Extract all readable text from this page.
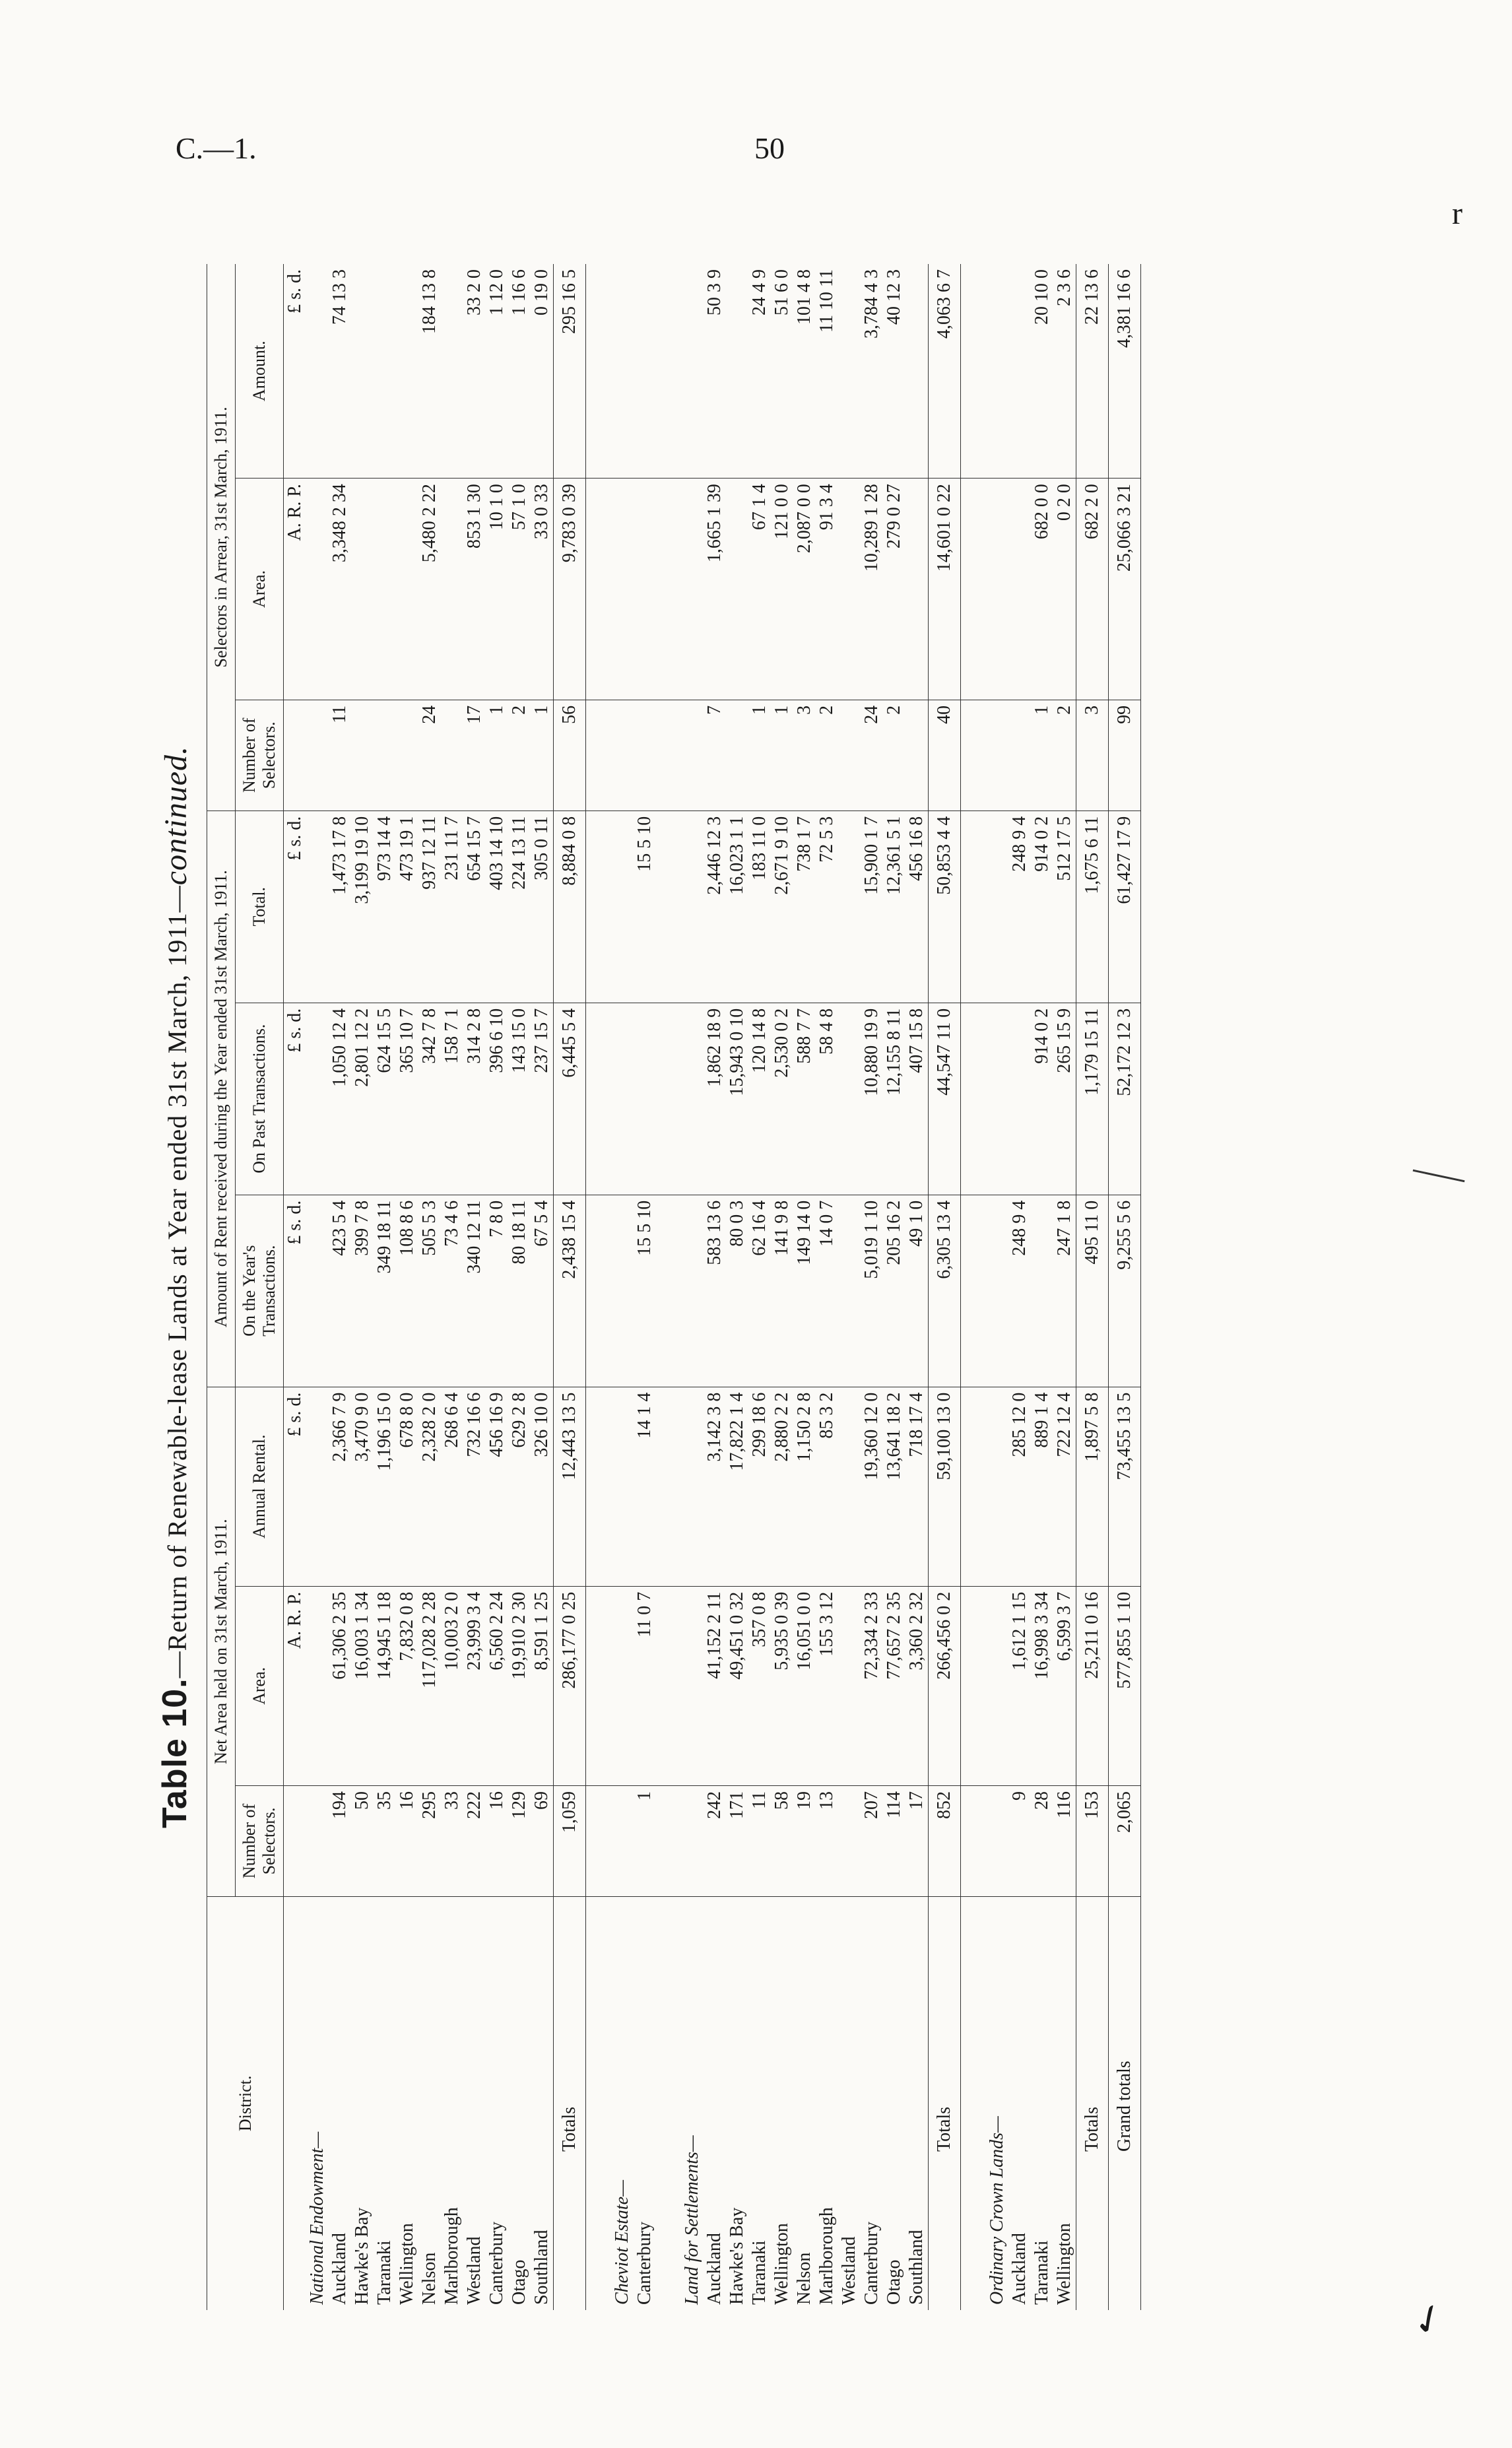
C.—1.	50
r
✓
Table 10.—Return of Renewable-lease Lands at Year ended 31st March, 1911—continued.
District.	Net Area held on 31st March, 1911.			Amount of Rent received during the Year ended 31st March, 1911.			Selectors in Arrear, 31st March, 1911.		
	Number of Selectors.	Area.	Annual Rental.	On the Year's Transactions.	On Past Transactions.	Total.	Number of Selectors.	Area.	Amount.
		A. R. P.	£ s. d.	£ s. d.	£ s. d.	£ s. d.		A. R. P.	£ s. d.
National Endowment—									
Auckland	194	61,306 2 35	2,366 7 9	423 5 4	1,050 12 4	1,473 17 8	11	3,348 2 34	74 13 3
Hawke's Bay	50	16,003 1 34	3,470 9 0	399 7 8	2,801 12 2	3,199 19 10			
Taranaki	35	14,945 1 18	1,196 15 0	349 18 11	624 15 5	973 14 4			
Wellington	16	7,832 0 8	678 8 0	108 8 6	365 10 7	473 19 1			
Nelson	295	117,028 2 28	2,328 2 0	505 5 3	342 7 8	937 12 11	24	5,480 2 22	184 13 8
Marlborough	33	10,003 2 0	268 6 4	73 4 6	158 7 1	231 11 7			
Westland	222	23,999 3 4	732 16 6	340 12 11	314 2 8	654 15 7	17	853 1 30	33 2 0
Canterbury	16	6,560 2 24	456 16 9	7 8 0	396 6 10	403 14 10	1	10 1 0	1 12 0
Otago	129	19,910 2 30	629 2 8	80 18 11	143 15 0	224 13 11	2	57 1 0	1 16 6
Southland	69	8,591 1 25	326 10 0	67 5 4	237 15 7	305 0 11	1	33 0 33	0 19 0
Totals	1,059	286,177 0 25	12,443 13 5	2,438 15 4	6,445 5 4	8,884 0 8	56	9,783 0 39	295 16 5

Cheviot Estate—									
Canterbury	1	11 0 7	14 1 4	15 5 10		15 5 10			

Land for Settlements—									
Auckland	242	41,152 2 11	3,142 3 8	583 13 6	1,862 18 9	2,446 12 3	7	1,665 1 39	50 3 9
Hawke's Bay	171	49,451 0 32	17,822 1 4	80 0 3	15,943 0 10	16,023 1 1			
Taranaki	11	357 0 8	299 18 6	62 16 4	120 14 8	183 11 0	1	67 1 4	24 4 9
Wellington	58	5,935 0 39	2,880 2 2	141 9 8	2,530 0 2	2,671 9 10	1	121 0 0	51 6 0
Nelson	19	16,051 0 0	1,150 2 8	149 14 0	588 7 7	738 1 7	3	2,087 0 0	101 4 8
Marlborough	13	155 3 12	85 3 2	14 0 7	58 4 8	72 5 3	2	91 3 4	11 10 11
Westland									
Canterbury	207	72,334 2 33	19,360 12 0	5,019 1 10	10,880 19 9	15,900 1 7	24	10,289 1 28	3,784 4 3
Otago	114	77,657 2 35	13,641 18 2	205 16 2	12,155 8 11	12,361 5 1	2	279 0 27	40 12 3
Southland	17	3,360 2 32	718 17 4	49 1 0	407 15 8	456 16 8			
Totals	852	266,456 0 2	59,100 13 0	6,305 13 4	44,547 11 0	50,853 4 4	40	14,601 0 22	4,063 6 7

Ordinary Crown Lands—									
Auckland	9	1,612 1 15	285 12 0	248 9 4		248 9 4			
Taranaki	28	16,998 3 34	889 1 4		914 0 2	914 0 2	1	682 0 0	20 10 0
Wellington	116	6,599 3 7	722 12 4	247 1 8	265 15 9	512 17 5	2	0 2 0	2 3 6
Totals	153	25,211 0 16	1,897 5 8	495 11 0	1,179 15 11	1,675 6 11	3	682 2 0	22 13 6
Grand totals	2,065	577,855 1 10	73,455 13 5	9,255 5 6	52,172 12 3	61,427 17 9	99	25,066 3 21	4,381 16 6
